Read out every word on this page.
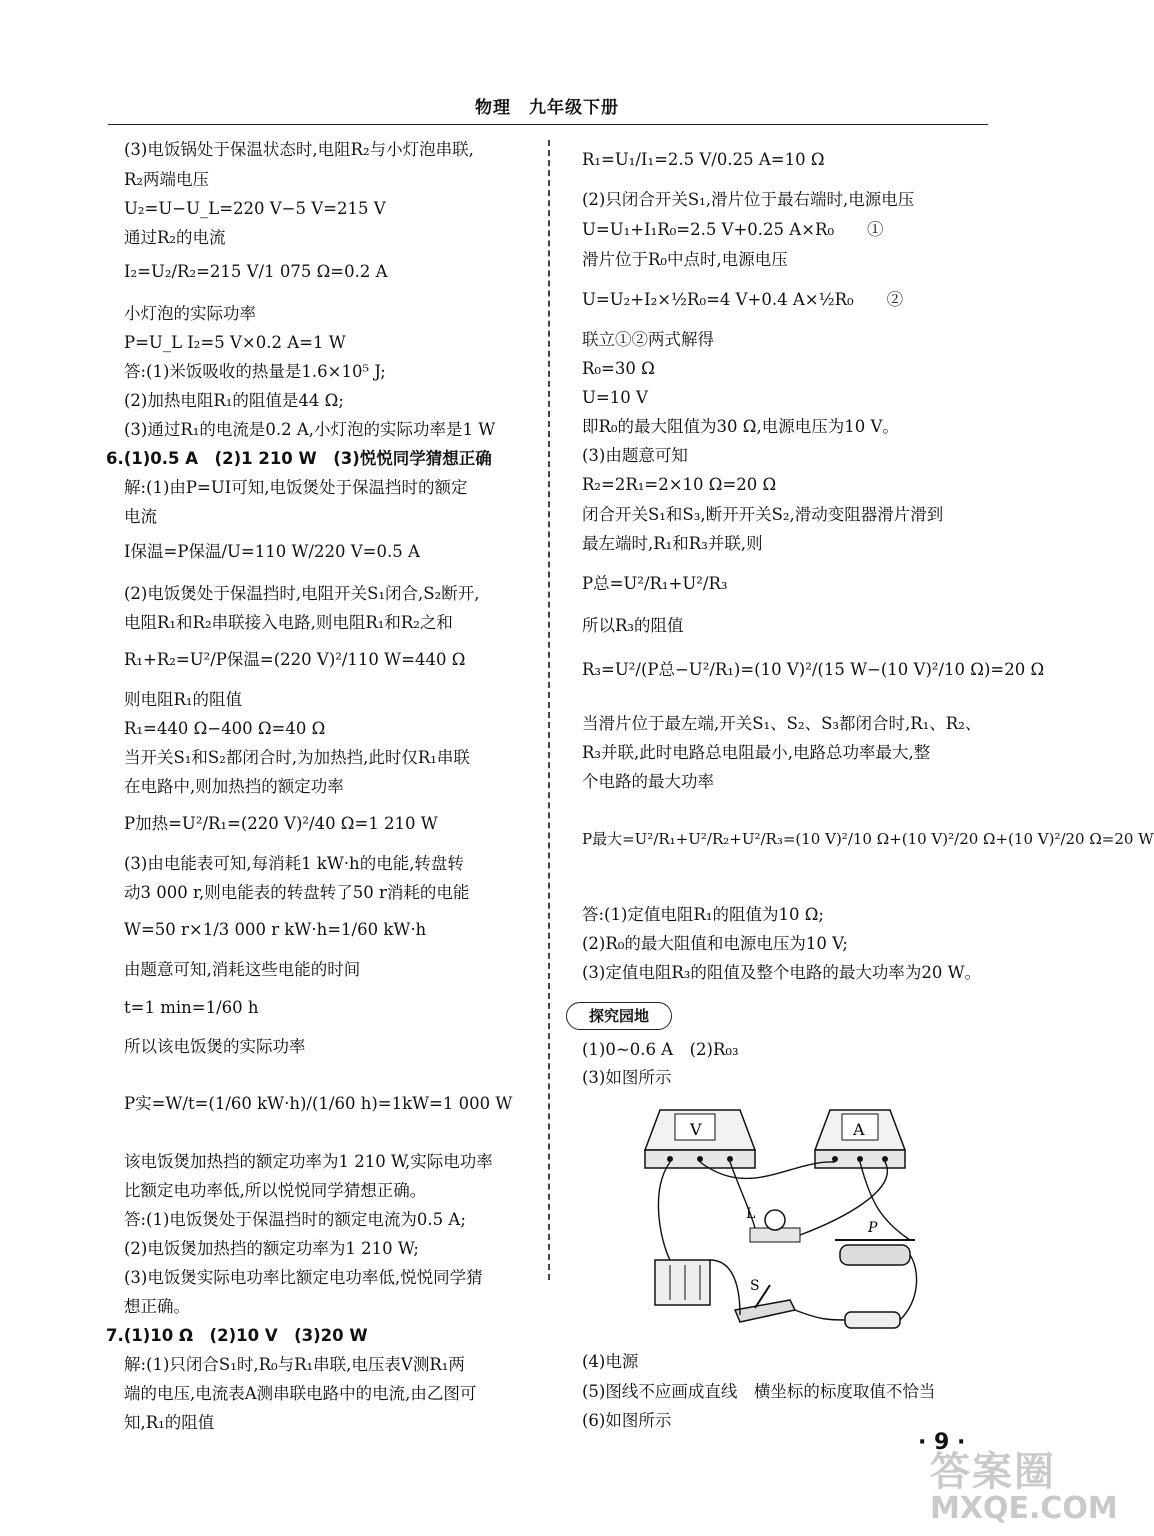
物理　九年级下册
(3)电饭锅处于保温状态时,电阻R₂与小灯泡串联,
R₂两端电压
U₂=U−U_L=220 V−5 V=215 V
通过R₂的电流
I₂=U₂/R₂=215 V/1 075 Ω=0.2 A
小灯泡的实际功率
P=U_L I₂=5 V×0.2 A=1 W
答:(1)米饭吸收的热量是1.6×10⁵ J;
(2)加热电阻R₁的阻值是44 Ω;
(3)通过R₁的电流是0.2 A,小灯泡的实际功率是1 W
6.(1)0.5 A　(2)1 210 W　(3)悦悦同学猜想正确
解:(1)由P=UI可知,电饭煲处于保温挡时的额定
电流
I保温=P保温/U=110 W/220 V=0.5 A
(2)电饭煲处于保温挡时,电阻开关S₁闭合,S₂断开,
电阻R₁和R₂串联接入电路,则电阻R₁和R₂之和
R₁+R₂=U²/P保温=(220 V)²/110 W=440 Ω
则电阻R₁的阻值
R₁=440 Ω−400 Ω=40 Ω
当开关S₁和S₂都闭合时,为加热挡,此时仅R₁串联
在电路中,则加热挡的额定功率
P加热=U²/R₁=(220 V)²/40 Ω=1 210 W
(3)由电能表可知,每消耗1 kW·h的电能,转盘转
动3 000 r,则电能表的转盘转了50 r消耗的电能
W=50 r×1/3 000 r kW·h=1/60 kW·h
由题意可知,消耗这些电能的时间
t=1 min=1/60 h
所以该电饭煲的实际功率
P实=W/t=(1/60 kW·h)/(1/60 h)=1kW=1 000 W
该电饭煲加热挡的额定功率为1 210 W,实际电功率
比额定电功率低,所以悦悦同学猜想正确。
答:(1)电饭煲处于保温挡时的额定电流为0.5 A;
(2)电饭煲加热挡的额定功率为1 210 W;
(3)电饭煲实际电功率比额定电功率低,悦悦同学猜
想正确。
7.(1)10 Ω　(2)10 V　(3)20 W
解:(1)只闭合S₁时,R₀与R₁串联,电压表V测R₁两
端的电压,电流表A测串联电路中的电流,由乙图可
知,R₁的阻值
R₁=U₁/I₁=2.5 V/0.25 A=10 Ω
(2)只闭合开关S₁,滑片位于最右端时,电源电压
U=U₁+I₁R₀=2.5 V+0.25 A×R₀　　①
滑片位于R₀中点时,电源电压
U=U₂+I₂×½R₀=4 V+0.4 A×½R₀　　②
联立①②两式解得
R₀=30 Ω
U=10 V
即R₀的最大阻值为30 Ω,电源电压为10 V。
(3)由题意可知
R₂=2R₁=2×10 Ω=20 Ω
闭合开关S₁和S₃,断开开关S₂,滑动变阻器滑片滑到
最左端时,R₁和R₃并联,则
P总=U²/R₁+U²/R₃
所以R₃的阻值
R₃=U²/(P总−U²/R₁)=(10 V)²/(15 W−(10 V)²/10 Ω)=20 Ω
当滑片位于最左端,开关S₁、S₂、S₃都闭合时,R₁、R₂、
R₃并联,此时电路总电阻最小,电路总功率最大,整
个电路的最大功率
P最大=U²/R₁+U²/R₂+U²/R₃=(10 V)²/10 Ω+(10 V)²/20 Ω+(10 V)²/20 Ω=20 W
答:(1)定值电阻R₁的阻值为10 Ω;
(2)R₀的最大阻值和电源电压为10 V;
(3)定值电阻R₃的阻值及整个电路的最大功率为20 W。
探究园地
(1)0~0.6 A　(2)R₀₃
(3)如图所示
(4)电源
(5)图线不应画成直线　横坐标的标度取值不恰当
(6)如图所示
V	A
L
P
S
· 9 ·
答案圈
MXQE.COM
